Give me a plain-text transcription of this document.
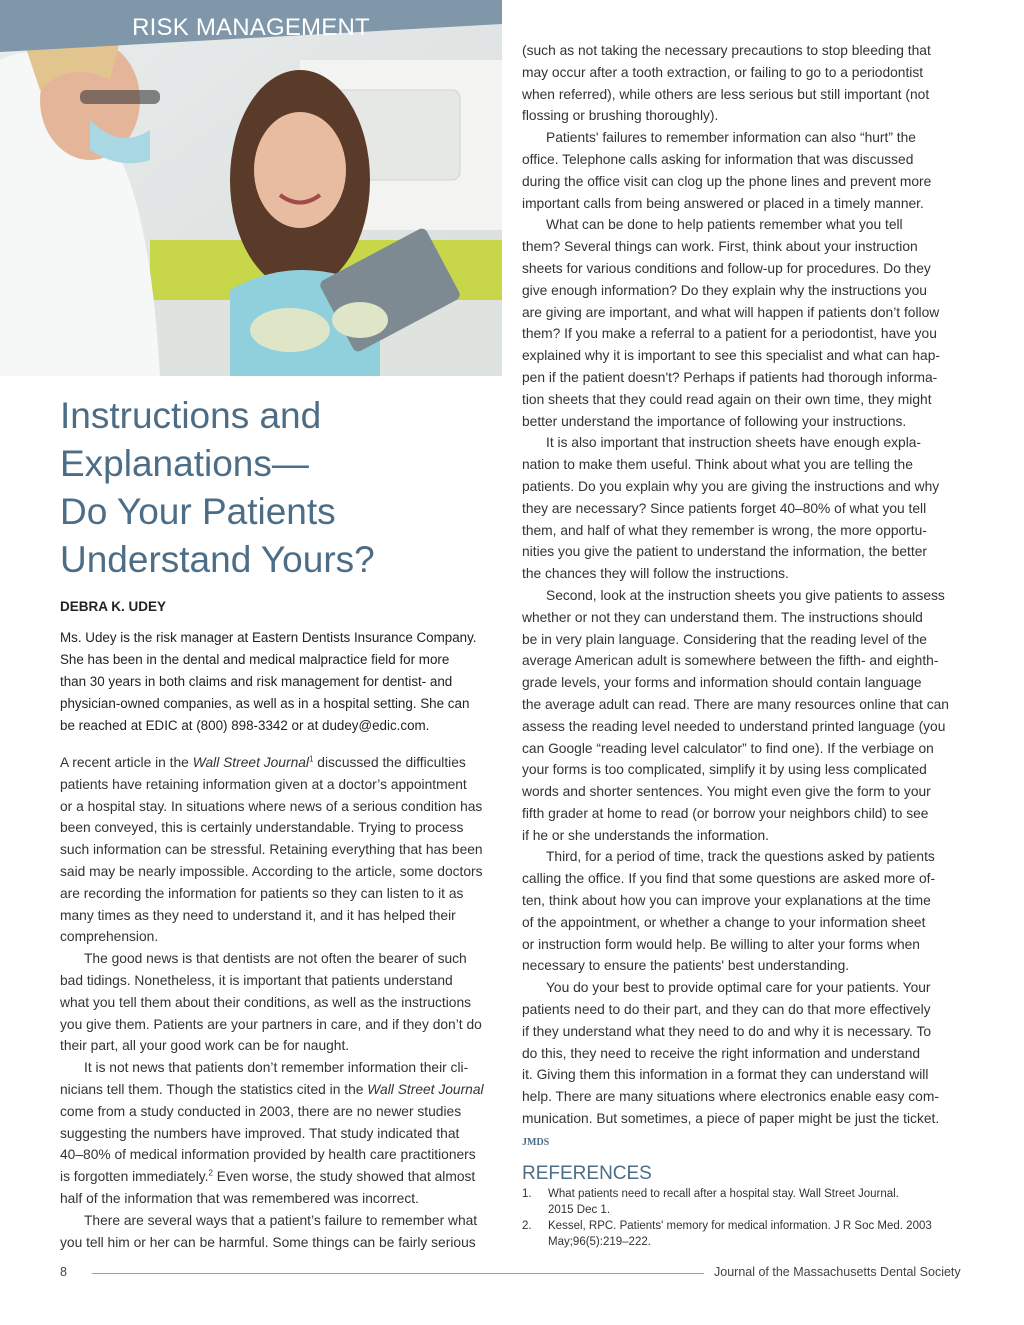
RISK MANAGEMENT
Instructions and
Explanations—
Do Your Patients
Understand Yours?
DEBRA K. UDEY
Ms. Udey is the risk manager at Eastern Dentists Insurance Company.
She has been in the dental and medical malpractice field for more
than 30 years in both claims and risk management for dentist- and
physician-owned companies, as well as in a hospital setting. She can
be reached at EDIC at (800) 898-3342 or at dudey@edic.com.
A recent article in the Wall Street Journal$^1$ discussed the difficulties
patients have retaining information given at a doctor’s appointment
or a hospital stay. In situations where news of a serious condition has
been conveyed, this is certainly understandable. Trying to process
such information can be stressful. Retaining everything that has been
said may be nearly impossible. According to the article, some doctors
are recording the information for patients so they can listen to it as
many times as they need to understand it, and it has helped their
comprehension.
The good news is that dentists are not often the bearer of such
bad tidings. Nonetheless, it is important that patients understand
what you tell them about their conditions, as well as the instructions
you give them. Patients are your partners in care, and if they don’t do
their part, all your good work can be for naught.
It is not news that patients don’t remember information their cli-
nicians tell them. Though the statistics cited in the Wall Street Journal
come from a study conducted in 2003, there are no newer studies
suggesting the numbers have improved. That study indicated that
40–80% of medical information provided by health care practitioners
is forgotten immediately.$^2$ Even worse, the study showed that almost
half of the information that was remembered was incorrect.
There are several ways that a patient’s failure to remember what
you tell him or her can be harmful. Some things can be fairly serious
(such as not taking the necessary precautions to stop bleeding that
may occur after a tooth extraction, or failing to go to a periodontist
when referred), while others are less serious but still important (not
flossing or brushing thoroughly).
Patients' failures to remember information can also “hurt” the
office. Telephone calls asking for information that was discussed
during the office visit can clog up the phone lines and prevent more
important calls from being answered or placed in a timely manner.
What can be done to help patients remember what you tell
them? Several things can work. First, think about your instruction
sheets for various conditions and follow-up for procedures. Do they
give enough information? Do they explain why the instructions you
are giving are important, and what will happen if patients don’t follow
them? If you make a referral to a patient for a periodontist, have you
explained why it is important to see this specialist and what can hap-
pen if the patient doesn't? Perhaps if patients had thorough informa-
tion sheets that they could read again on their own time, they might
better understand the importance of following your instructions.
It is also important that instruction sheets have enough expla-
nation to make them useful. Think about what you are telling the
patients. Do you explain why you are giving the instructions and why
they are necessary? Since patients forget 40–80% of what you tell
them, and half of what they remember is wrong, the more opportu-
nities you give the patient to understand the information, the better
the chances they will follow the instructions.
Second, look at the instruction sheets you give patients to assess
whether or not they can understand them. The instructions should
be in very plain language. Considering that the reading level of the
average American adult is somewhere between the fifth- and eighth-
grade levels, your forms and information should contain language
the average adult can read. There are many resources online that can
assess the reading level needed to understand printed language (you
can Google “reading level calculator” to find one). If the verbiage on
your forms is too complicated, simplify it by using less complicated
words and shorter sentences. You might even give the form to your
fifth grader at home to read (or borrow your neighbors child) to see
if he or she understands the information.
Third, for a period of time, track the questions asked by patients
calling the office. If you find that some questions are asked more of-
ten, think about how you can improve your explanations at the time
of the appointment, or whether a change to your information sheet
or instruction form would help. Be willing to alter your forms when
necessary to ensure the patients' best understanding.
You do your best to provide optimal care for your patients. Your
patients need to do their part, and they can do that more effectively
if they understand what they need to do and why it is necessary. To
do this, they need to receive the right information and understand
it. Giving them this information in a format they can understand will
help. There are many situations where electronics enable easy com-
munication. But sometimes, a piece of paper might be just the ticket.
JMDS
REFERENCES
1. What patients need to recall after a hospital stay. Wall Street Journal.
2015 Dec 1.
2. Kessel, RPC. Patients' memory for medical information. J R Soc Med. 2003
May;96(5):219–222.
8	Journal of the Massachusetts Dental Society
